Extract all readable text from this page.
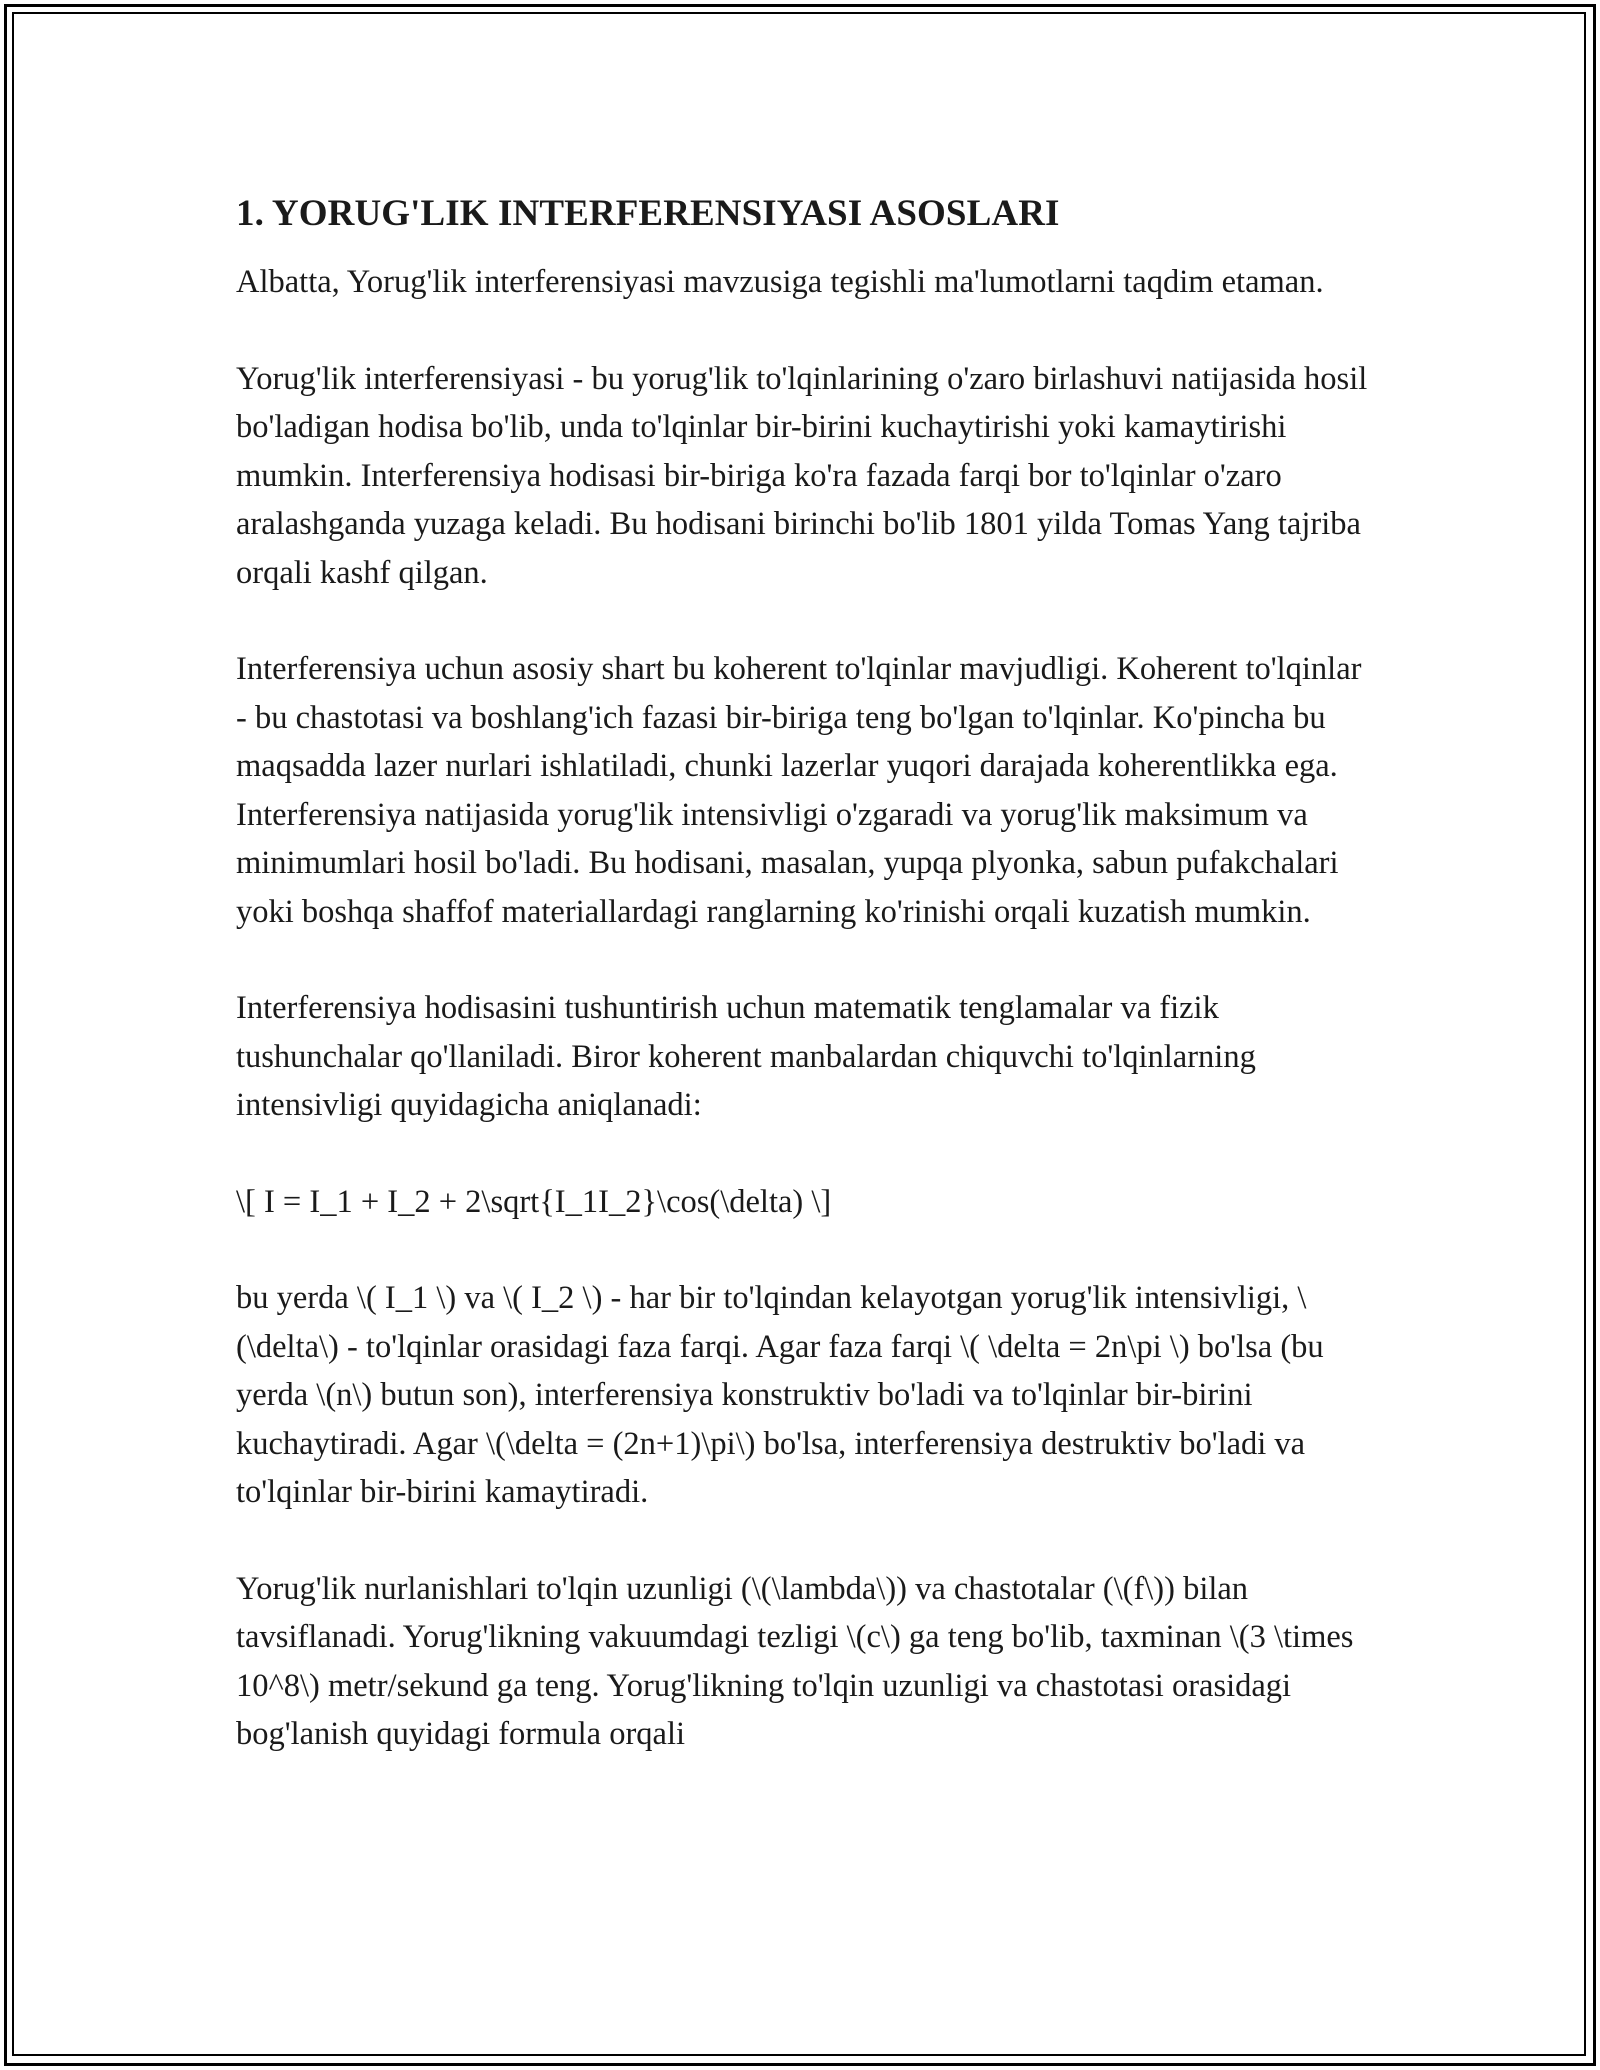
1. YORUG'LIK INTERFERENSIYASI ASOSLARI

Albatta, Yorug'lik interferensiyasi mavzusiga tegishli ma'lumotlarni taqdim etaman.

Yorug'lik interferensiyasi - bu yorug'lik to'lqinlarining o'zaro birlashuvi natijasida hosil bo'ladigan hodisa bo'lib, unda to'lqinlar bir-birini kuchaytirishi yoki kamaytirishi mumkin. Interferensiya hodisasi bir-biriga ko'ra fazada farqi bor to'lqinlar o'zaro aralashganda yuzaga keladi. Bu hodisani birinchi bo'lib 1801 yilda Tomas Yang tajriba orqali kashf qilgan.

Interferensiya uchun asosiy shart bu koherent to'lqinlar mavjudligi. Koherent to'lqinlar - bu chastotasi va boshlang'ich fazasi bir-biriga teng bo'lgan to'lqinlar. Ko'pincha bu maqsadda lazer nurlari ishlatiladi, chunki lazerlar yuqori darajada koherentlikka ega. Interferensiya natijasida yorug'lik intensivligi o'zgaradi va yorug'lik maksimum va minimumlari hosil bo'ladi. Bu hodisani, masalan, yupqa plyonka, sabun pufakchalari yoki boshqa shaffof materiallardagi ranglarning ko'rinishi orqali kuzatish mumkin.

Interferensiya hodisasini tushuntirish uchun matematik tenglamalar va fizik tushunchalar qo'llaniladi. Biror koherent manbalardan chiquvchi to'lqinlarning intensivligi quyidagicha aniqlanadi:

\[ I = I_1 + I_2 + 2\sqrt{I_1I_2}\cos(\delta) \]

bu yerda \( I_1 \) va \( I_2 \) - har bir to'lqindan kelayotgan yorug'lik intensivligi, \(\delta\) - to'lqinlar orasidagi faza farqi. Agar faza farqi \( \delta = 2n\pi \) bo'lsa (bu yerda \(n\) butun son), interferensiya konstruktiv bo'ladi va to'lqinlar bir-birini kuchaytiradi. Agar \(\delta = (2n+1)\pi\) bo'lsa, interferensiya destruktiv bo'ladi va to'lqinlar bir-birini kamaytiradi.

Yorug'lik nurlanishlari to'lqin uzunligi (\(\lambda\)) va chastotalar (\(f\)) bilan tavsiflanadi. Yorug'likning vakuumdagi tezligi \(c\) ga teng bo'lib, taxminan \(3 \times 10^8\) metr/sekund ga teng. Yorug'likning to'lqin uzunligi va chastotasi orasidagi bog'lanish quyidagi formula orqali
